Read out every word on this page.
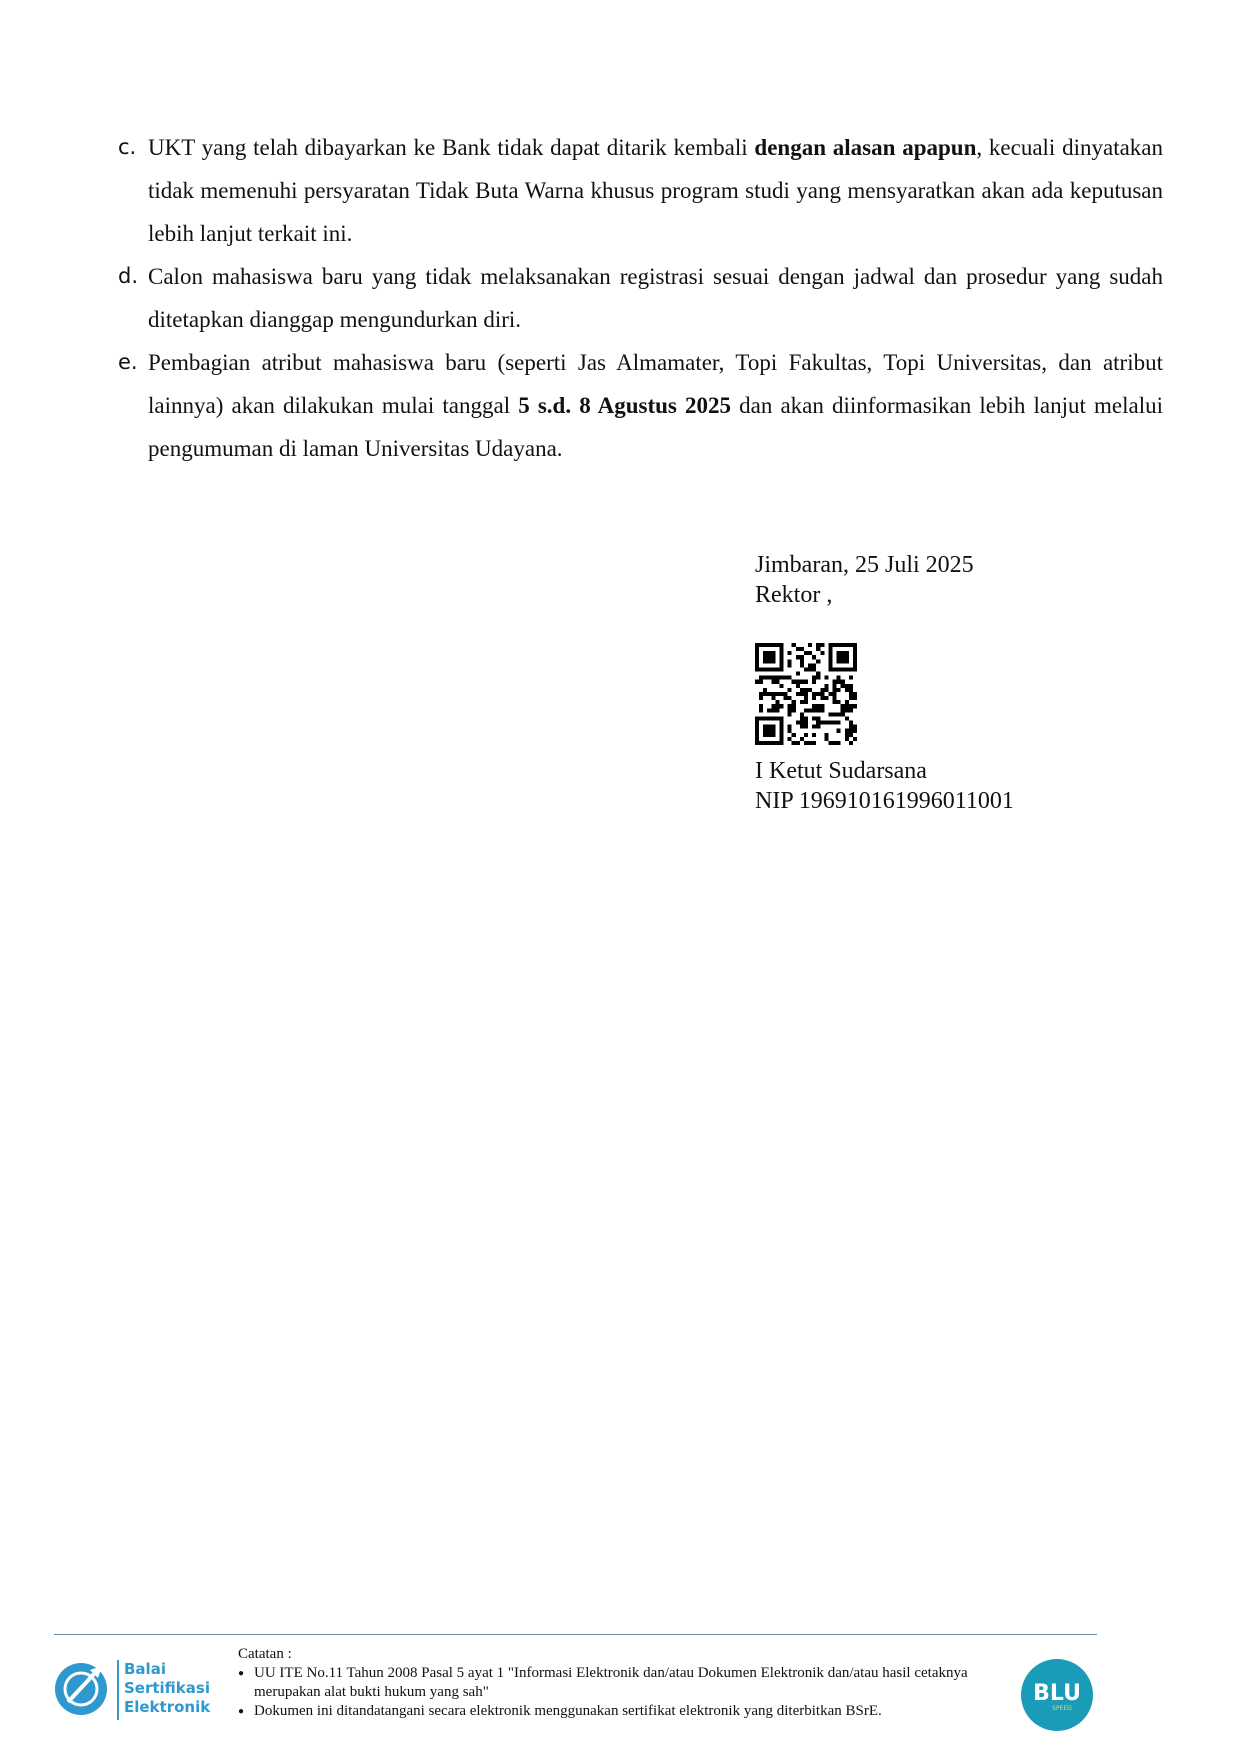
c. UKT yang telah dibayarkan ke Bank tidak dapat ditarik kembali dengan alasan apapun, kecuali dinyatakan tidak memenuhi persyaratan Tidak Buta Warna khusus program studi yang mensyaratkan akan ada keputusan lebih lanjut terkait ini.

d. Calon mahasiswa baru yang tidak melaksanakan registrasi sesuai dengan jadwal dan prosedur yang sudah ditetapkan dianggap mengundurkan diri.

e. Pembagian atribut mahasiswa baru (seperti Jas Almamater, Topi Fakultas, Topi Universitas, dan atribut lainnya) akan dilakukan mulai tanggal 5 s.d. 8 Agustus 2025 dan akan diinformasikan lebih lanjut melalui pengumuman di laman Universitas Udayana.

Jimbaran, 25 Juli 2025
Rektor ,
I Ketut Sudarsana
NIP 196910161996011001
Balai
Sertifikasi
Elektronik
Catatan :
● UU ITE No.11 Tahun 2008 Pasal 5 ayat 1 "Informasi Elektronik dan/atau Dokumen Elektronik dan/atau hasil cetaknya merupakan alat bukti hukum yang sah"
● Dokumen ini ditandatangani secara elektronik menggunakan sertifikat elektronik yang diterbitkan BSrE.
BLU
SPEED
